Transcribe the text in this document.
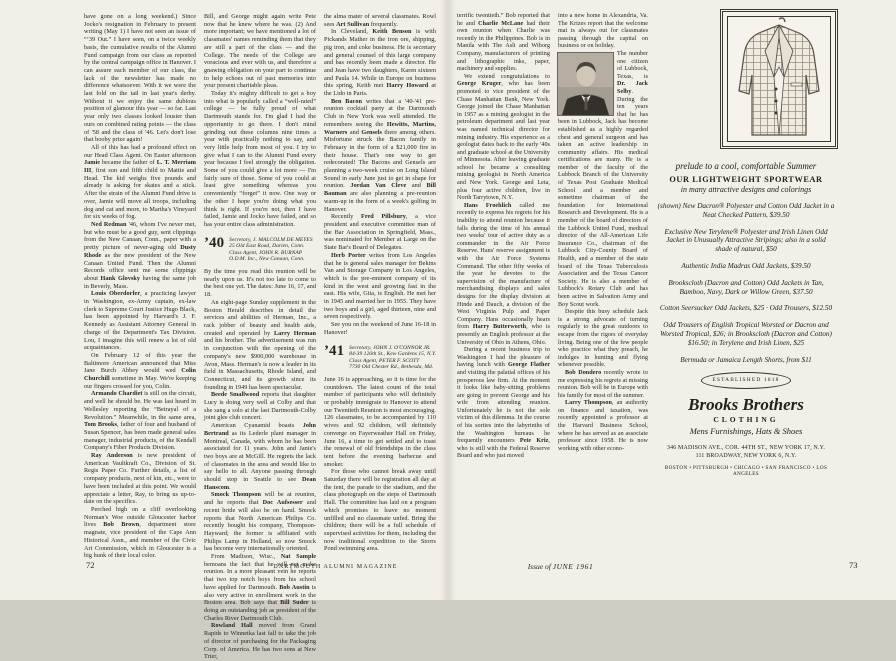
have gone on a long weekend.) Since Jocko's resignation in February to present writing (May 1) I have not seen an issue of “’39 Out.” I have seen, on a twice weekly basis, the cumulative results of the Alumni Fund campaign from our class as reported by the central campaign office in Hanover. I can assure each member of our class, the lack of the newsletter has made no difference whatsoever. With it we were the last fold on the tail in last year's derby. Without it we enjoy the same dubious position of glamour this year — so far. Last year only two classes looked lousier than ours on combined rating points — the class of '58 and the class of '46. Let's don't lose that booby prize again!

All of this has had a profound effect on our Head Class Agent. On Easter afternoon Jamie became the father of L. T. Merriam III, first son and fifth child to Mattie and Head. The kid weighs five pounds and already is asking for skates and a stick. After the strain of the Alumni Fund drive is over, Jamie will move all troops, including dog and cat and more, to Martha's Vineyard for six weeks of fog.

Ned Redman '46, whom I've never met, but who must be a good guy, sent clippings from the New Canaan, Conn., paper with a pretty picture of never-aging old Dusty Rhode as the new president of the New Canaan United Fund. Then the Alumni Records office sent me some clippings about Hank Glovsky having the same job in Beverly, Mass.

Louis Oberdorfer, a practicing lawyer in Washington, ex-Army captain, ex-law clerk to Supreme Court Justice Hugo Black, has been appointed by Harvard's J. F. Kennedy as Assistant Attorney General in charge of the Department's Tax Division. Lou, I imagine this will renew a lot of old acquaintances.

On February 12 of this year the Baltimore American announced that Miss Jane Burch Abbey would wed Colin Churchill sometime in May. We're keeping our fingers crossed for you, Colin.

Armando Chardiet is still on the circuit, and well he should be. He was last heard in Wellesley reporting the “Betrayal of a Revolution.” Meanwhile, in the same area, Tom Brooks, father of four and husband of Susan Spencer, has been made general sales manager, industrial products, of the Kendall Company's Fiber Products Division.

Ray Anderson is new president of American Vaultkraft Co., Division of St. Regis Paper Co. Further details, a list of company products, next of kin, etc., were to have been included at this point. We would appreciate a letter, Ray, to bring us up-to-date on the specifics.

Perched high on a cliff overlooking Norman's Woe outside Gloucester harbor lives Bob Brown, department store magnate, vice president of the Cape Ann Historical Assn., and member of the Civic Art Commission, which in Gloucester is a big hunk of their local color.

Bill, and George might again write Pete now that he knew where he was. (2) And more important; we have mentioned a lot of classmates' names reminding them that they are still a part of the class — and the College. The needs of the College are voracious and ever with us, and therefore a gnawing obligation on your part to continue to help echoes out of past memories into your present charitable pleas.

Today it's mighty difficult to get a boy into what is popularly called a “well-rated” college — be fully proud of what Dartmouth stands for. I'm glad I had the opportunity to go there. I don't mind grinding out these columns nine times a year with practically nothing to say, and very little help from most of you. I try to give what I can to the Alumni Fund every year because I feel strongly the obligation. Some of you could give a lot more — I'm fairly sure of those. Some of you could at least give something whereas you conveniently “forget” it now. One way or the other I hope you're doing what you think is right. If you're not, then I have failed, Jamie and Jocko have failed, and so has your entire class administration.

’40 Secretary, J. MALCOLM DE MEYES
25 Old East Road, Darien, Conn.
Class Agent, JOHN R. BURNAP
O.D.M. Inc., New Canaan, Conn.

By the time you read this reunion will be nearly upon us. It's not too late to come to the best one yet. The dates: June 16, 17, and 18.

An eight-page Sunday supplement in the Boston Herald describes in detail the services and abilities of Herman, Inc., a rack jobber of beauty and health aids, created and operated by Larry Herman and his brother. The advertisement was run in conjunction with the opening of the company's new $900,000 warehouse in Avon, Mass. Herman's is now a leader in its field in Massachusetts, Rhode Island, and Connecticut, and its growth since its founding in 1949 has been spectacular.

Beede Smallwood reports that daughter Lucy is doing very well at Colby and that she sang a solo at the last Dartmouth-Colby joint glee club concert.

American Cyanamid boasts John Bertrand as its Lederle plant manager in Montreal, Canada, with whom he has been associated for 11 years. John and Janie's two boys are at McGill. He regrets the lack of classmates in the area and would like to say hello to all. Anyone passing through should stop in Seattle to see Dean Hanscom.

Smock Thompson will be at reunion, and he reports that Doc Aufsesser and recent bride will also be on hand. Smock reports that North American Philips Co. recently bought his company, Thompson-Hayward; the former is affiliated with Philips Lamp in Holland, so now Smock has become very internationally oriented.

From Madison, Wisc., Nat Sample bemoans the fact that he will not make reunion. In a more pleasant vein he reports that two top notch boys from his school have applied for Dartmouth. Bob Austin is also very active in enrollment work in the Boston area. Bob says that Bill Suder is doing an outstanding job as president of the Charles River Dartmouth Club.

Rowland Hall moved from Grand Rapids to Winnetka last fall to take the job of director of purchasing for the Packaging Corp. of America. He has two sons at New Trier,

the alma mater of several classmates. Rowl sees Art Sullivan frequently.

In Cleveland, Keith Benson is with Pickands Mather in the iron ore, shipping, pig iron, and coke business. He is secretary and general counsel of this large company and has recently been made a director. He and Jean have two daughters, Karen sixteen and Paula 14. While in Europe on business this spring, Keith met Harry Howard at the Lido in Paris.

Ben Bacon writes that a '40-'41 pre-reunion cocktail party at the Dartmouth Club in New York was well attended. He remembers seeing the Hewitts, Martins, Warners and Gensels there among others. Misfortune struck the Bacon family in February in the form of a $21,000 fire in their house. That's one way to get redecorated! The Bacons and Gensels are planning a two-week cruise on Long Island Sound in early June just to get in shape for reunion. Jordan Van Cleve and Bill Bauman are also planning a pre-reunion warm-up in the form of a week's golfing in Hanover.

Recently Fred Pillsbury, a vice president and executive committee man of the Bar Association in Springfield, Mass., was nominated for Member at Large on the State Bar's Board of Delegates.

Herb Porter writes from Los Angeles that he is general sales manager for Bekins Van and Storage Company in Los Angeles, which is the pre-eminent company of its kind in the west and growing fast in the east. His wife, Gita, is English. He met her in 1945 and married her in 1955. They have two boys and a girl, aged thirteen, nine and seven respectively.

See you on the weekend of June 16-18 in Hanover!

’41 Secretary, JOHN J. O'CONNOR JR.
84-39 126th St., Kew Gardens 15, N.Y.
Class Agent, PETER F. SCOTT
7730 Old Chester Rd., Bethesda, Md.

June 16 is approaching, so it is time for the countdown. The latest count of the total number of participants who will definitely or probably immigrate to Hanover to attend our Twentieth Reunion is most encouraging. 126 classmates, to be accompanied by 110 wives and 92 children, will definitely converge on Fayerweather Hall on Friday, June 16, a time to get settled and to toast the renewal of old friendships in the class tent before the evening barbecue and smoker.

For those who cannot break away until Saturday there will be registration all day at the tent, the parade to the stadium, and the class photograph on the steps of Dartmouth Hall. The committee has laid on a program which promises to leave no moment unfilled and no classmate unfed. Bring the children; there will be a full schedule of supervised activities for them, including the now traditional expedition to the Storrs Pond swimming area.

terrific twentieth.” Bob reported that he and Charlie McLane had their own reunion when Charlie was recently in the Philippines. Bob is in Manila with The Asli and Wiborg Company, manufacturers of printing and lithographic inks, paper, machinery and supplies.

We extend congratulations to George Kruger, who has been promoted to vice president of the Chase Manhattan Bank, New York. George joined the Chase Manhattan in 1957 as a mining geologist in the petroleum department and last year was named technical director for mining industry. His experience as a geologist dates back to the early '40s and graduate school at the University of Minnesota. After leaving graduate school he became a consulting mining geologist in North America and New York. George and Leta, plus four active children, live in North Tarrytown, N.Y.

Hans Froehlich called me recently to express his regrets for his inability to attend reunion because it falls during the time of his annual two weeks' tour of active duty as a commander in the Air Force Reserve. Hans' reserve assignment is with the Air Force Systems Command. The other fifty weeks of the year he devotes to the supervision of the manufacture of merchandising displays and sales designs for the display division at Hinde and Dauch, a division of the West Virginia Pulp and Paper Company. Hans occasionally hears from Harry Butterworth, who is presently an English professor at the University of Ohio in Athens, Ohio.

During a recent business trip to Washington I had the pleasure of having lunch with George Flather and visiting the palatial offices of his prosperous law firm. At the moment it looks like baby-sitting problems are going to prevent George and his wife from attending reunion. Unfortunately he is not the sole victim of this dilemma. In the course of his sorties into the labyrinths of the Washington bureaus he frequently encounters Pete Kriz, who is still with the Federal Reserve Board and who just moved

into a new home in Alexandria, Va. The Krizes report that the welcome mat is always out for classmates passing through the capital on business or on holiday.

The number one citizen of Lubbock, Texas, is Dr. Jack Selby. During the ten years that he has been in Lubbock, Jack has become established as a highly regarded chest and general surgeon and has taken an active leadership in community affairs. His medical certifications are many. He is a member of the faculty of the Lubbock Branch of the University of Texas Post Graduate Medical School and a member and sometime chairman of the foundation for International Research and Development. He is a member of the board of directors of the Lubbock United Fund, medical director of the All-American Life Insurance Co., chairman of the Lubbock City-County Board of Health, and a member of the state board of the Texas Tuberculosis Association and the Texas Cancer Society. He is also a member of Lubbock's Rotary Club and has been active in Salvation Army and Boy Scout work.

Despite this busy schedule Jack is a strong advocate of turning regularly to the great outdoors to escape from the rigors of everyday living. Being one of the few people who practice what they preach, he indulges in hunting and flying whenever possible.

Bob Dondero recently wrote to me expressing his regrets at missing reunion. Bob will be in Europe with his family for most of the summer.

Larry Thompson, an authority on finance and taxation, was recently appointed a professor at the Harvard Business School, where he has served as an associate professor since 1958. He is now working with other econo-

prelude to a cool, comfortable Summer
OUR LIGHTWEIGHT SPORTWEAR
in many attractive designs and colorings

(shown) New Dacron® Polyester and Cotton Odd Jacket in a Neat Checked Pattern, $39.50

Exclusive New Terylene® Polyester and Irish Linen Odd Jacket in Unusually Attractive Stripings; also in a solid shade of natural, $50

Authentic India Madras Odd Jackets, $39.50

Brookscloth (Dacron and Cotton) Odd Jackets in Tan, Bamboo, Navy, Dark or Willow Green, $37.50

Cotton Seersucker Odd Jackets, $25 · Odd Trousers, $12.50

Odd Trousers of English Tropical Worsted or Dacron and Worsted Tropical, $26; in Brookscloth (Dacron and Cotton) $16.50; in Terylene and Irish Linen, $25

Bermuda or Jamaica Length Shorts, from $11

ESTABLISHED 1818
Brooks Brothers
CLOTHING
Mens Furnishings, Hats & Shoes
346 MADISON AVE., COR. 44TH ST., NEW YORK 17, N.Y.
111 BROADWAY, NEW YORK 6, N.Y.
BOSTON • PITTSBURGH • CHICAGO • SAN FRANCISCO • LOS ANGELES
72	DARTMOUTH ALUMNI MAGAZINE	Issue of JUNE 1961	73
